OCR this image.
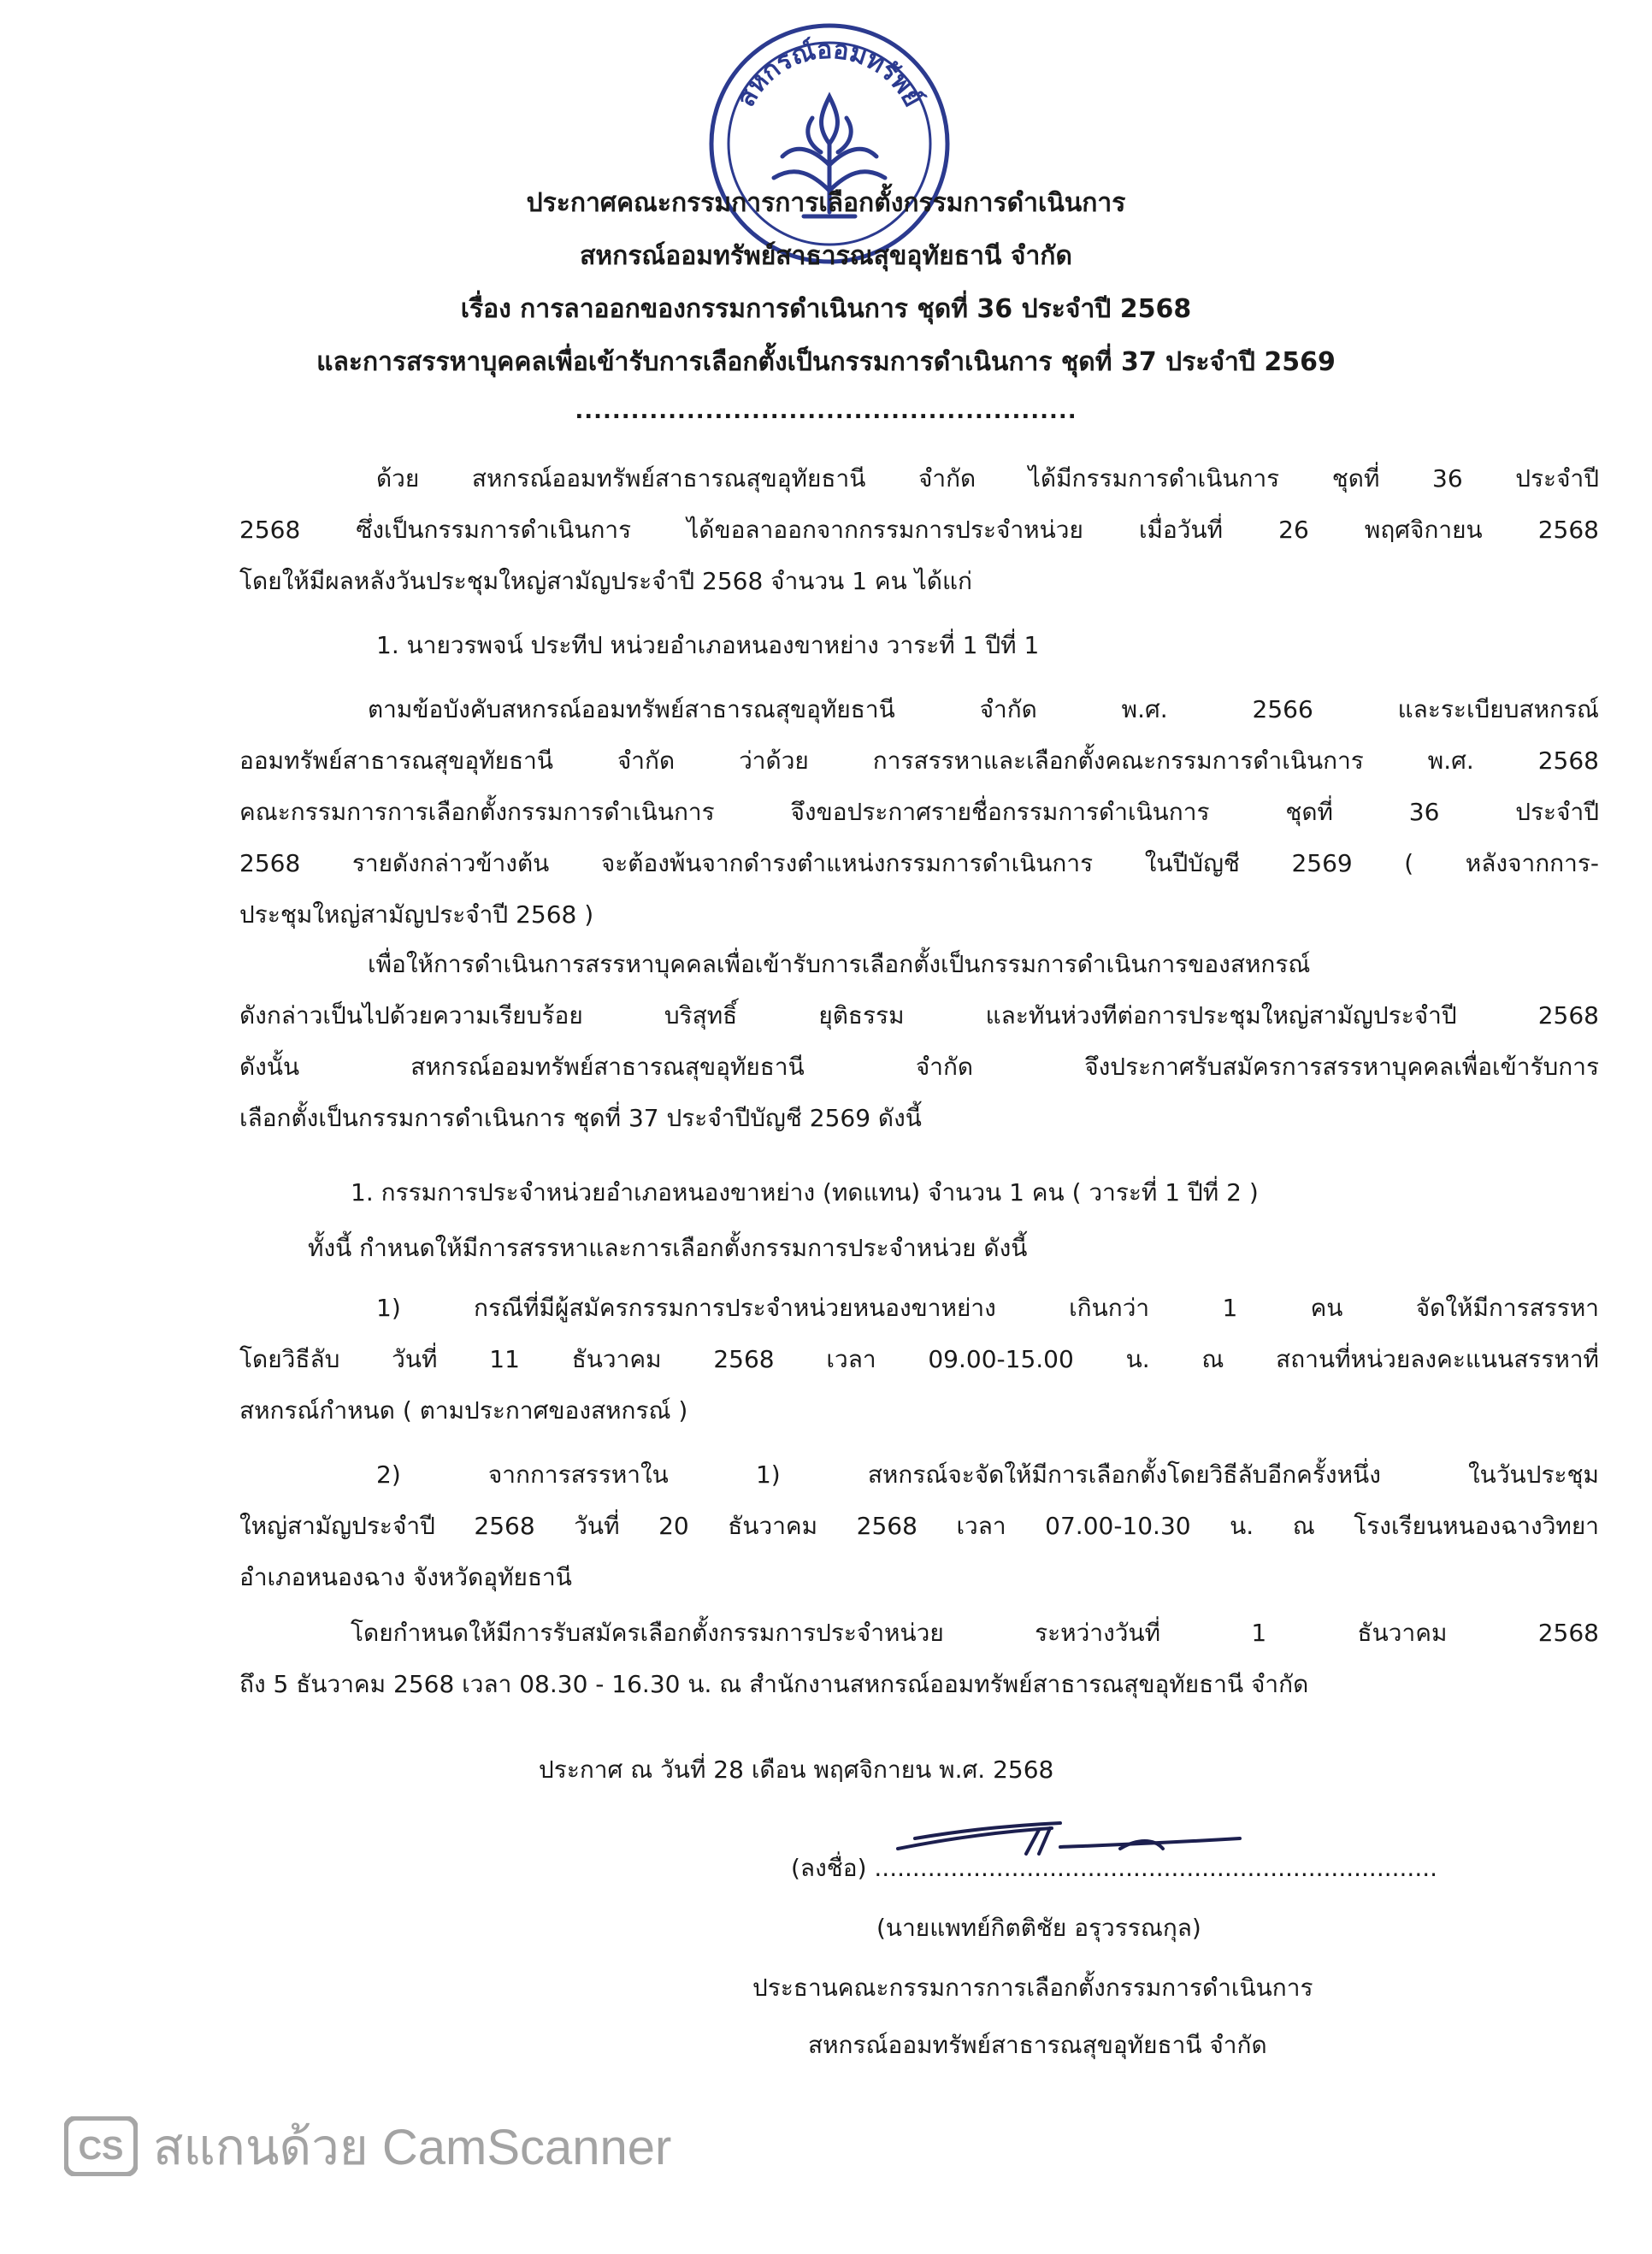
สหกรณ์ออมทรัพย์
ประกาศคณะกรรมการการเลือกตั้งกรรมการดำเนินการ
สหกรณ์ออมทรัพย์สาธารณสุขอุทัยธานี จำกัด
เรื่อง การลาออกของกรรมการดำเนินการ ชุดที่ 36 ประจำปี 2568
และการสรรหาบุคคลเพื่อเข้ารับการเลือกตั้งเป็นกรรมการดำเนินการ ชุดที่ 37 ประจำปี 2569
......................................................
ด้วย สหกรณ์ออมทรัพย์สาธารณสุขอุทัยธานี จำกัด ได้มีกรรมการดำเนินการ ชุดที่ 36 ประจำปี
2568 ซึ่งเป็นกรรมการดำเนินการ ได้ขอลาออกจากกรรมการประจำหน่วย เมื่อวันที่ 26 พฤศจิกายน 2568
โดยให้มีผลหลังวันประชุมใหญ่สามัญประจำปี 2568 จำนวน 1 คน ได้แก่
1. นายวรพจน์ ประทีป หน่วยอำเภอหนองขาหย่าง วาระที่ 1 ปีที่ 1
ตามข้อบังคับสหกรณ์ออมทรัพย์สาธารณสุขอุทัยธานี จำกัด พ.ศ. 2566 และระเบียบสหกรณ์
ออมทรัพย์สาธารณสุขอุทัยธานี จำกัด ว่าด้วย การสรรหาและเลือกตั้งคณะกรรมการดำเนินการ พ.ศ. 2568
คณะกรรมการการเลือกตั้งกรรมการดำเนินการ จึงขอประกาศรายชื่อกรรมการดำเนินการ ชุดที่ 36 ประจำปี
2568 รายดังกล่าวข้างต้น จะต้องพ้นจากดำรงตำแหน่งกรรมการดำเนินการ ในปีบัญชี 2569 ( หลังจากการ-
ประชุมใหญ่สามัญประจำปี 2568 )
เพื่อให้การดำเนินการสรรหาบุคคลเพื่อเข้ารับการเลือกตั้งเป็นกรรมการดำเนินการของสหกรณ์
ดังกล่าวเป็นไปด้วยความเรียบร้อย บริสุทธิ์ ยุติธรรม และทันห่วงทีต่อการประชุมใหญ่สามัญประจำปี 2568
ดังนั้น สหกรณ์ออมทรัพย์สาธารณสุขอุทัยธานี จำกัด จึงประกาศรับสมัครการสรรหาบุคคลเพื่อเข้ารับการ
เลือกตั้งเป็นกรรมการดำเนินการ ชุดที่ 37 ประจำปีบัญชี 2569 ดังนี้
1. กรรมการประจำหน่วยอำเภอหนองขาหย่าง (ทดแทน) จำนวน 1 คน ( วาระที่ 1 ปีที่ 2 )
ทั้งนี้ กำหนดให้มีการสรรหาและการเลือกตั้งกรรมการประจำหน่วย ดังนี้
1) กรณีที่มีผู้สมัครกรรมการประจำหน่วยหนองขาหย่าง เกินกว่า 1 คน จัดให้มีการสรรหา
โดยวิธีลับ วันที่ 11 ธันวาคม 2568 เวลา 09.00-15.00 น. ณ สถานที่หน่วยลงคะแนนสรรหาที่
สหกรณ์กำหนด ( ตามประกาศของสหกรณ์ )
2) จากการสรรหาใน 1) สหกรณ์จะจัดให้มีการเลือกตั้งโดยวิธีลับอีกครั้งหนึ่ง ในวันประชุม
ใหญ่สามัญประจำปี 2568 วันที่ 20 ธันวาคม 2568 เวลา 07.00-10.30 น. ณ โรงเรียนหนองฉางวิทยา
อำเภอหนองฉาง จังหวัดอุทัยธานี
โดยกำหนดให้มีการรับสมัครเลือกตั้งกรรมการประจำหน่วย ระหว่างวันที่ 1 ธันวาคม 2568
ถึง 5 ธันวาคม 2568 เวลา 08.30 - 16.30 น. ณ สำนักงานสหกรณ์ออมทรัพย์สาธารณสุขอุทัยธานี จำกัด
ประกาศ ณ วันที่ 28 เดือน พฤศจิกายน พ.ศ. 2568
(ลงชื่อ) ..........................................................................
(นายแพทย์กิตติชัย อรุวรรณกุล)
ประธานคณะกรรมการการเลือกตั้งกรรมการดำเนินการ
สหกรณ์ออมทรัพย์สาธารณสุขอุทัยธานี จำกัด
CS สแกนด้วย CamScanner
